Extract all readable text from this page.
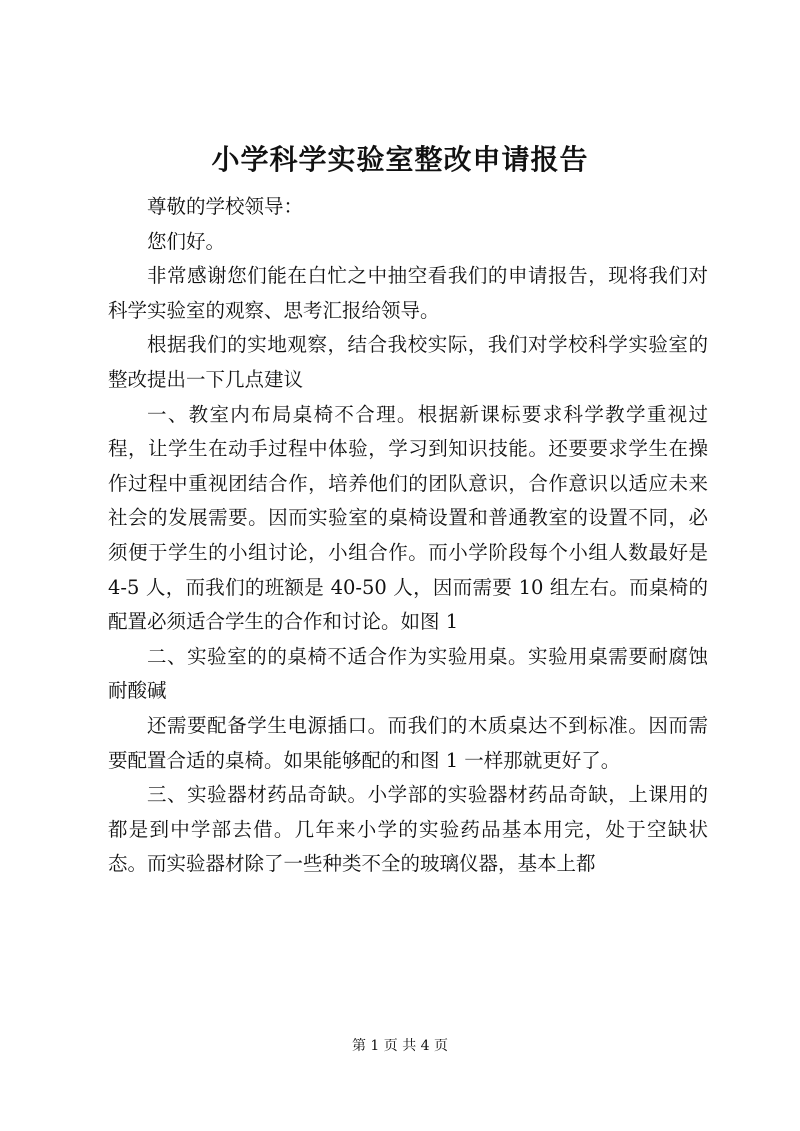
小学科学实验室整改申请报告

尊敬的学校领导：

您们好。

非常感谢您们能在白忙之中抽空看我们的申请报告，现将我们对科学实验室的观察、思考汇报给领导。

根据我们的实地观察，结合我校实际，我们对学校科学实验室的整改提出一下几点建议

一、教室内布局桌椅不合理。根据新课标要求科学教学重视过程，让学生在动手过程中体验，学习到知识技能。还要要求学生在操作过程中重视团结合作，培养他们的团队意识，合作意识以适应未来社会的发展需要。因而实验室的桌椅设置和普通教室的设置不同，必须便于学生的小组讨论，小组合作。而小学阶段每个小组人数最好是 4-5 人，而我们的班额是 40-50 人，因而需要 10 组左右。而桌椅的配置必须适合学生的合作和讨论。如图 1

二、实验室的的桌椅不适合作为实验用桌。实验用桌需要耐腐蚀耐酸碱

还需要配备学生电源插口。而我们的木质桌达不到标准。因而需要配置合适的桌椅。如果能够配的和图 1 一样那就更好了。

三、实验器材药品奇缺。小学部的实验器材药品奇缺，上课用的都是到中学部去借。几年来小学的实验药品基本用完，处于空缺状态。而实验器材除了一些种类不全的玻璃仪器，基本上都

第 1 页 共 4 页
